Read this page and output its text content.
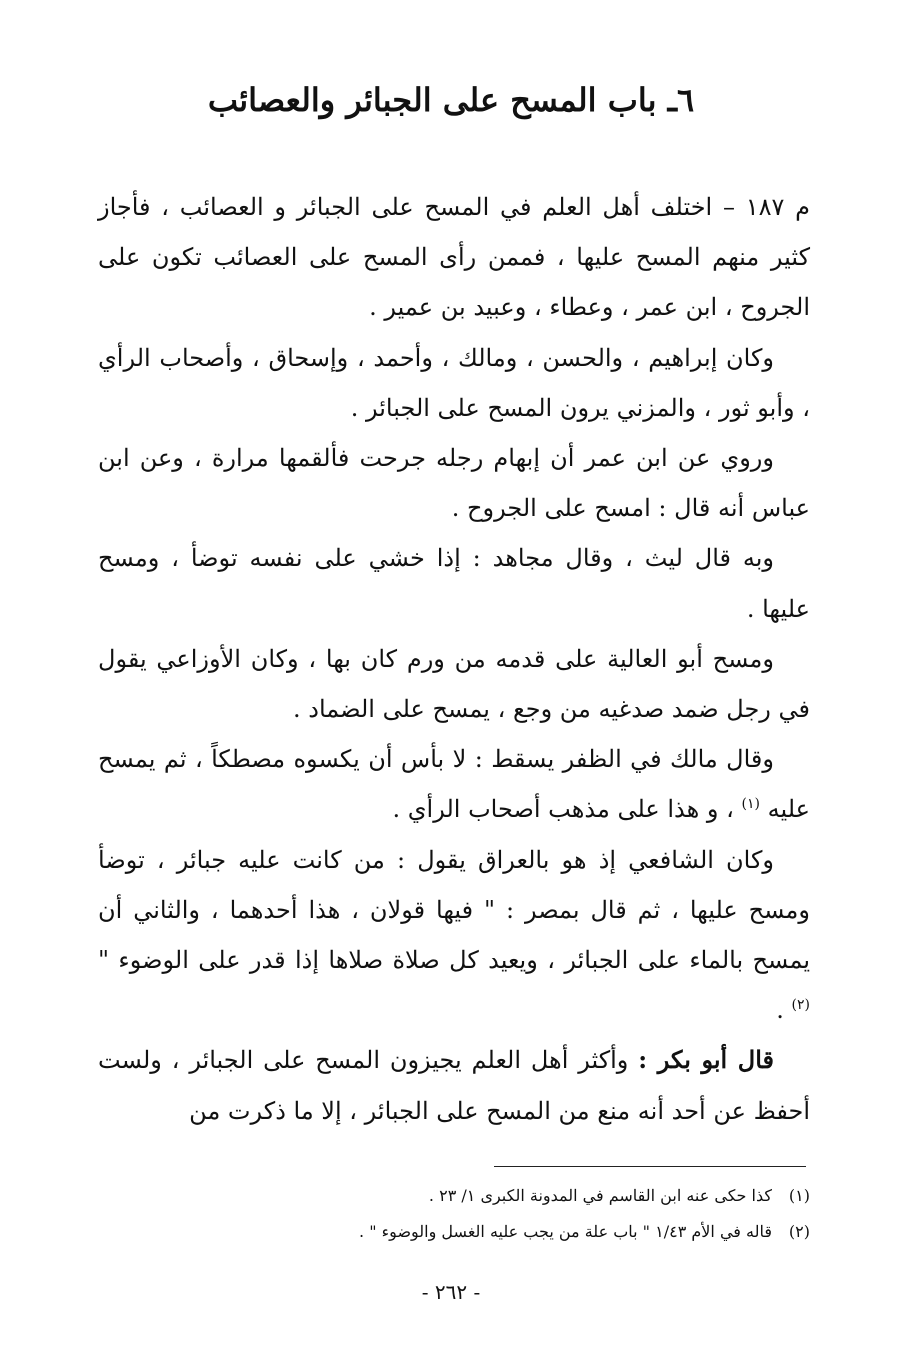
٦ـ باب المسح على الجبائر والعصائب

م ١٨٧ – اختلف أهل العلم في المسح على الجبائر و العصائب ، فأجاز كثير منهم المسح عليها ، فممن رأى المسح على العصائب تكون على الجروح ، ابن عمر ، وعطاء ، وعبيد بن عمير .

وكان إبراهيم ، والحسن ، ومالك ، وأحمد ، وإسحاق ، وأصحاب الرأي ، وأبو ثور ، والمزني يرون المسح على الجبائر .

وروي عن ابن عمر أن إبهام رجله جرحت فألقمها مرارة ، وعن ابن عباس أنه قال : امسح على الجروح .

وبه قال ليث ، وقال مجاهد : إذا خشي على نفسه توضأ ، ومسح عليها .

ومسح أبو العالية على قدمه من ورم كان بها ، وكان الأوزاعي يقول في رجل ضمد صدغيه من وجع ، يمسح على الضماد .

وقال مالك في الظفر يسقط : لا بأس أن يكسوه مصطكاً ، ثم يمسح عليه $^{(١)}$ ، و هذا على مذهب أصحاب الرأي .

وكان الشافعي إذ هو بالعراق يقول : من كانت عليه جبائر ، توضأ ومسح عليها ، ثم قال بمصر : " فيها قولان ، هذا أحدهما ، والثاني أن يمسح بالماء على الجبائر ، ويعيد كل صلاة صلاها إذا قدر على الوضوء " $^{(٢)}$ .

قال أبو بكر : وأكثر أهل العلم يجيزون المسح على الجبائر ، ولست أحفظ عن أحد أنه منع من المسح على الجبائر ، إلا ما ذكرت من

(١)كذا حكى عنه ابن القاسم في المدونة الكبرى ١/ ٢٣ .

(٢)قاله في الأم ١/٤٣ " باب علة من يجب عليه الغسل والوضوء " .

- ٢٦٢ -
